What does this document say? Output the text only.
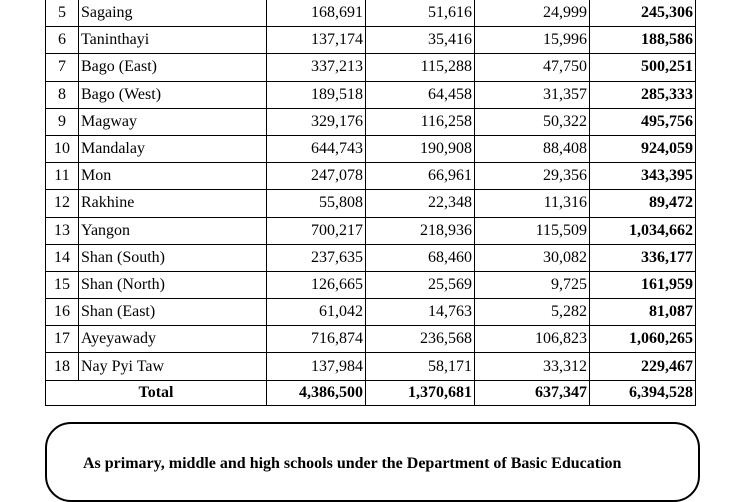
5	Sagaing	168,691	51,616	24,999	245,306
6	Taninthayi	137,174	35,416	15,996	188,586
7	Bago (East)	337,213	115,288	47,750	500,251
8	Bago (West)	189,518	64,458	31,357	285,333
9	Magway	329,176	116,258	50,322	495,756
10	Mandalay	644,743	190,908	88,408	924,059
11	Mon	247,078	66,961	29,356	343,395
12	Rakhine	55,808	22,348	11,316	89,472
13	Yangon	700,217	218,936	115,509	1,034,662
14	Shan (South)	237,635	68,460	30,082	336,177
15	Shan (North)	126,665	25,569	9,725	161,959
16	Shan (East)	61,042	14,763	5,282	81,087
17	Ayeyawady	716,874	236,568	106,823	1,060,265
18	Nay Pyi Taw	137,984	58,171	33,312	229,467
Total		4,386,500	1,370,681	637,347	6,394,528
As primary, middle and high schools under the Department of Basic Education
